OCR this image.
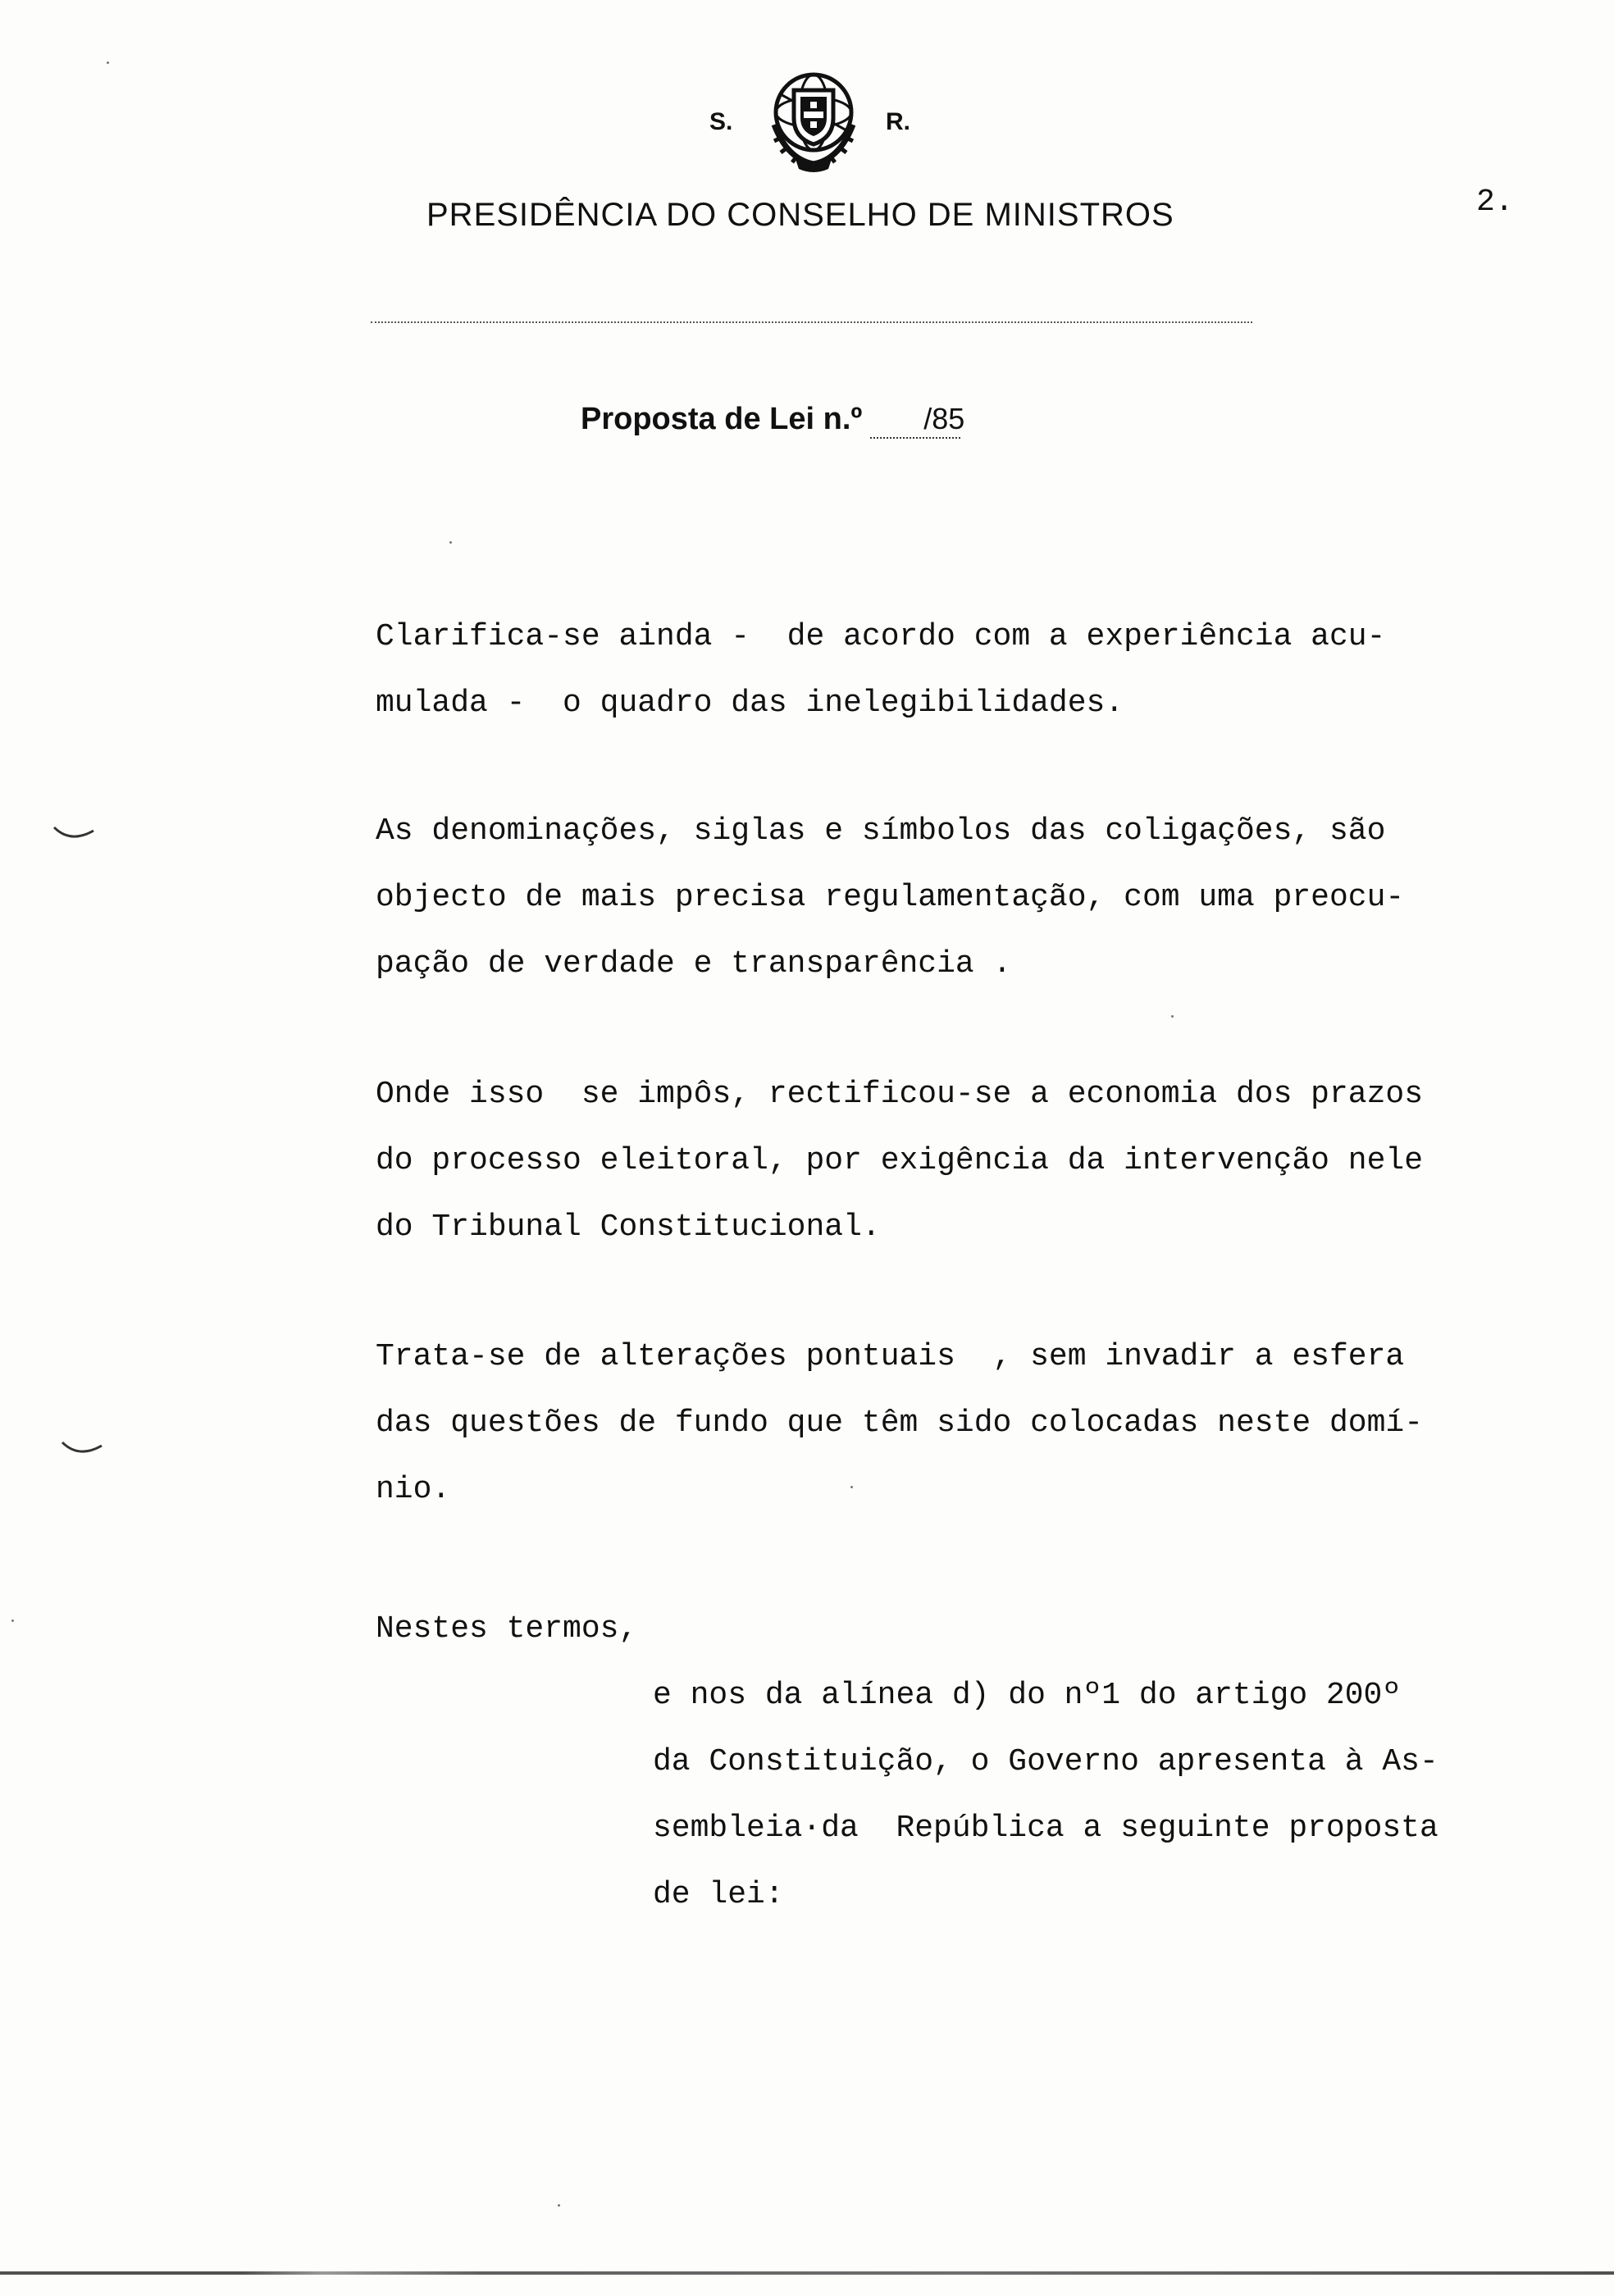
S.	R.
PRESIDÊNCIA DO CONSELHO DE MINISTROS	2.
Proposta de Lei n.º /85
Clarifica-se ainda -  de acordo com a experiência acu-
mulada -  o quadro das inelegibilidades.
As denominações, siglas e símbolos das coligações, são
objecto de mais precisa regulamentação, com uma preocu-
pação de verdade e transparência .
Onde isso  se impôs, rectificou-se a economia dos prazos
do processo eleitoral, por exigência da intervenção nele
do Tribunal Constitucional.
Trata-se de alterações pontuais  , sem invadir a esfera
das questões de fundo que têm sido colocadas neste domí-
nio.
Nestes termos,
e nos da alínea d) do nº1 do artigo 200º
da Constituição, o Governo apresenta à As-
sembleia·da  República a seguinte proposta
de lei:
